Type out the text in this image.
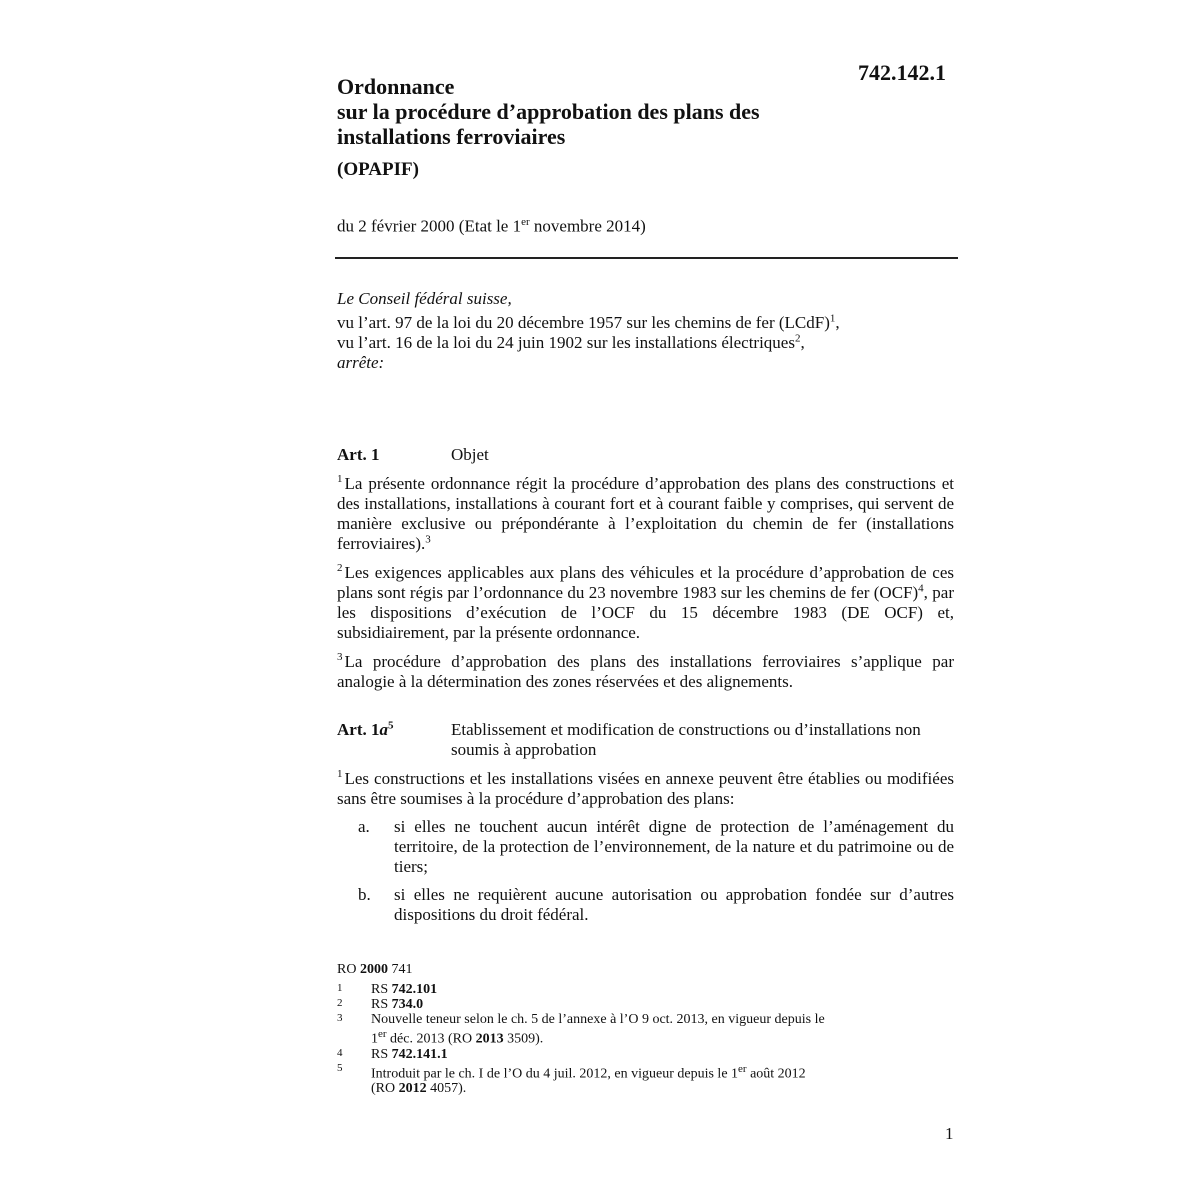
742.142.1
Ordonnance
sur la procédure d’approbation des plans des
installations ferroviaires
(OPAPIF)
du 2 février 2000 (Etat le 1er novembre 2014)
Le Conseil fédéral suisse,
vu l’art. 97 de la loi du 20 décembre 1957 sur les chemins de fer (LCdF)$^1$,
vu l’art. 16 de la loi du 24 juin 1902 sur les installations électriques$^2$,
arrête:
Art. 1	Objet
$^1$ La présente ordonnance régit la procédure d’approbation des plans des constructions et des installations, installations à courant fort et à courant faible y comprises, qui servent de manière exclusive ou prépondérante à l’exploitation du chemin de fer (installations ferroviaires).$^3$
$^2$ Les exigences applicables aux plans des véhicules et la procédure d’approbation de ces plans sont régis par l’ordonnance du 23 novembre 1983 sur les chemins de fer (OCF)$^4$, par les dispositions d’exécution de l’OCF du 15 décembre 1983 (DE OCF) et, subsidiairement, par la présente ordonnance.
$^3$ La procédure d’approbation des plans des installations ferroviaires s’applique par analogie à la détermination des zones réservées et des alignements.
Art. 1a$^5$	Etablissement et modification de constructions ou d’installations non soumis à approbation
$^1$ Les constructions et les installations visées en annexe peuvent être établies ou modifiées sans être soumises à la procédure d’approbation des plans:
a.	si elles ne touchent aucun intérêt digne de protection de l’aménagement du territoire, de la protection de l’environnement, de la nature et du patrimoine ou de tiers;
b.	si elles ne requièrent aucune autorisation ou approbation fondée sur d’autres dispositions du droit fédéral.
RO 2000 741
1	RS 742.101
2	RS 734.0
3	Nouvelle teneur selon le ch. 5 de l’annexe à l’O 9 oct. 2013, en vigueur depuis le
1er déc. 2013 (RO 2013 3509).
4	RS 742.141.1
5	Introduit par le ch. I de l’O du 4 juil. 2012, en vigueur depuis le 1er août 2012
(RO 2012 4057).
1
